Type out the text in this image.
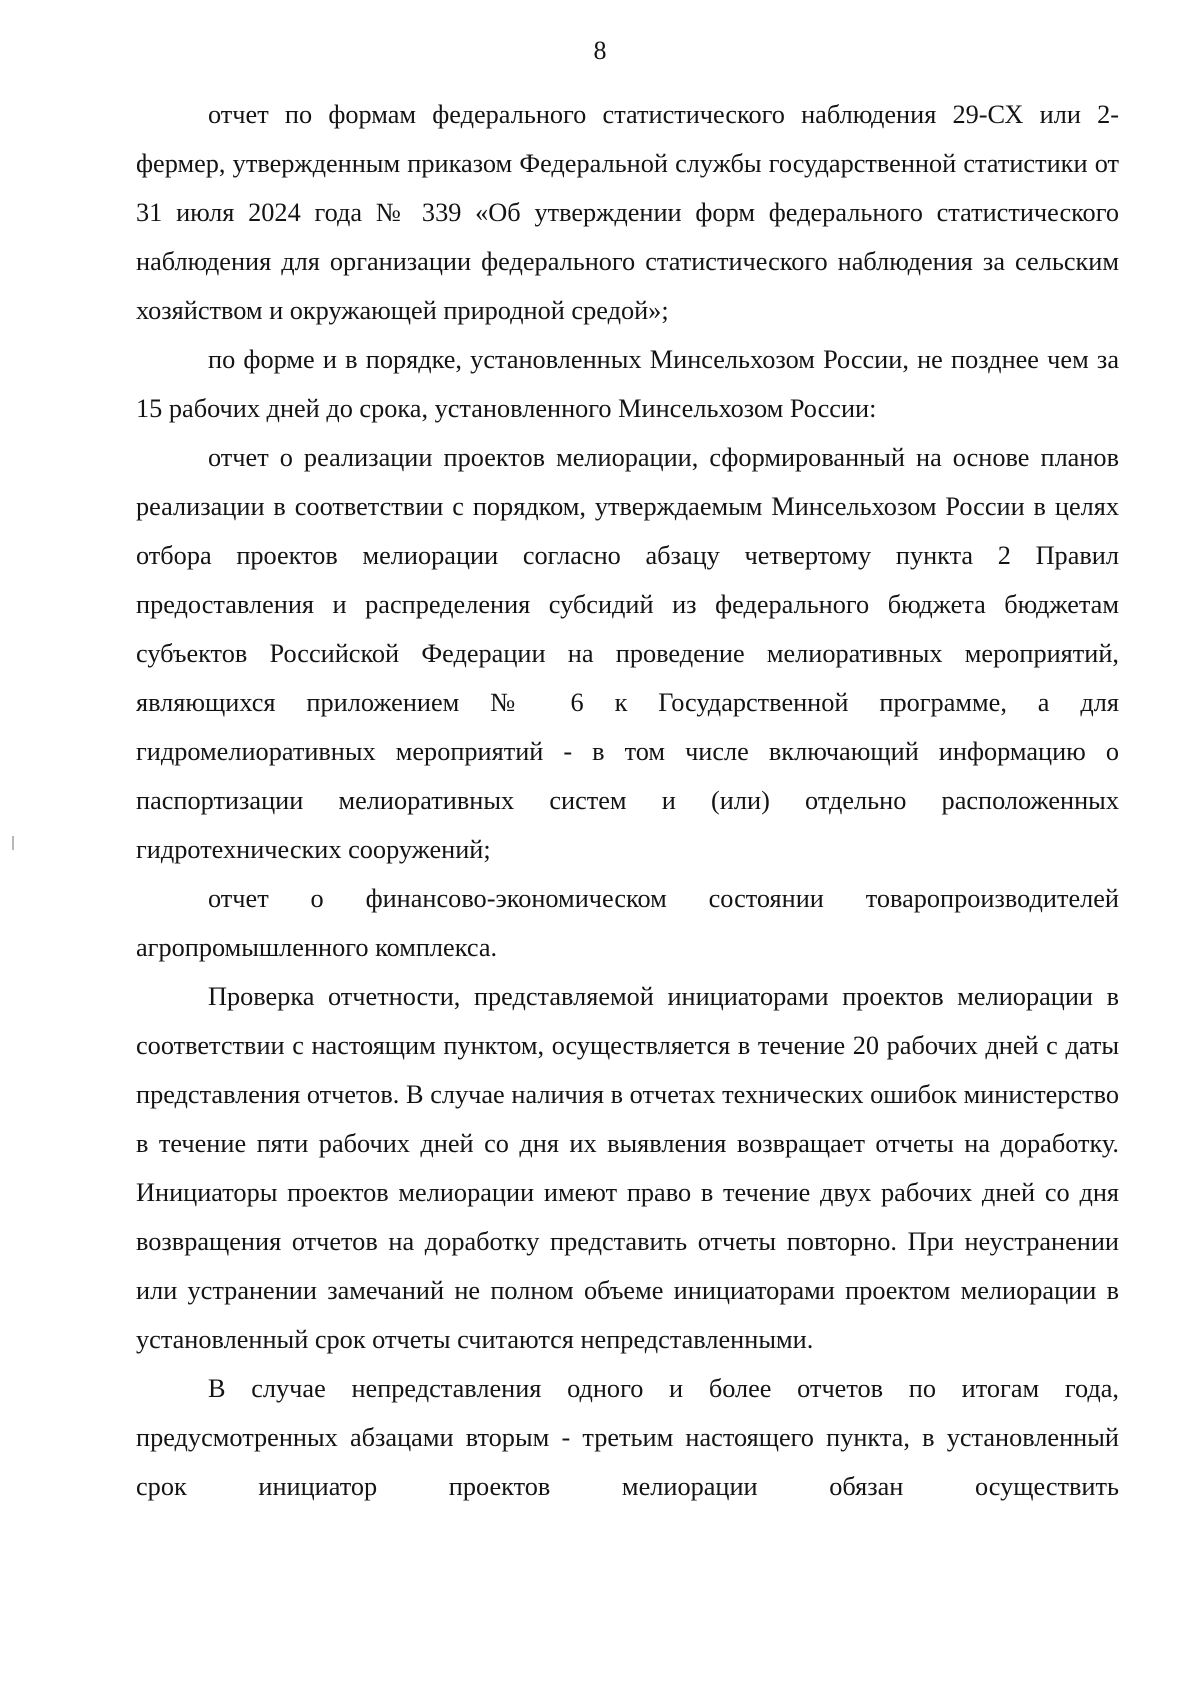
8

отчет по формам федерального статистического наблюдения 29-СХ или 2-фермер, утвержденным приказом Федеральной службы государственной статистики от 31 июля 2024 года № 339 «Об утверждении форм федерального статистического наблюдения для организации федерального статистического наблюдения за сельским хозяйством и окружающей природной средой»;

по форме и в порядке, установленных Минсельхозом России, не позднее чем за 15 рабочих дней до срока, установленного Минсельхозом России:

отчет о реализации проектов мелиорации, сформированный на основе планов реализации в соответствии с порядком, утверждаемым Минсельхозом России в целях отбора проектов мелиорации согласно абзацу четвертому пункта 2 Правил предоставления и распределения субсидий из федерального бюджета бюджетам субъектов Российской Федерации на проведение мелиоративных мероприятий, являющихся приложением № 6 к Государственной программе, а для гидромелиоративных мероприятий - в том числе включающий информацию о паспортизации мелиоративных систем и (или) отдельно расположенных гидротехнических сооружений;

отчет о финансово-экономическом состоянии товаропроизводителей агропромышленного комплекса.

Проверка отчетности, представляемой инициаторами проектов мелиорации в соответствии с настоящим пунктом, осуществляется в течение 20 рабочих дней с даты представления отчетов. В случае наличия в отчетах технических ошибок министерство в течение пяти рабочих дней со дня их выявления возвращает отчеты на доработку. Инициаторы проектов мелиорации имеют право в течение двух рабочих дней со дня возвращения отчетов на доработку представить отчеты повторно. При неустранении или устранении замечаний не полном объеме инициаторами проектом мелиорации в установленный срок отчеты считаются непредставленными.

В случае непредставления одного и более отчетов по итогам года, предусмотренных абзацами вторым - третьим настоящего пункта, в установленный срок инициатор проектов мелиорации обязан осуществить
